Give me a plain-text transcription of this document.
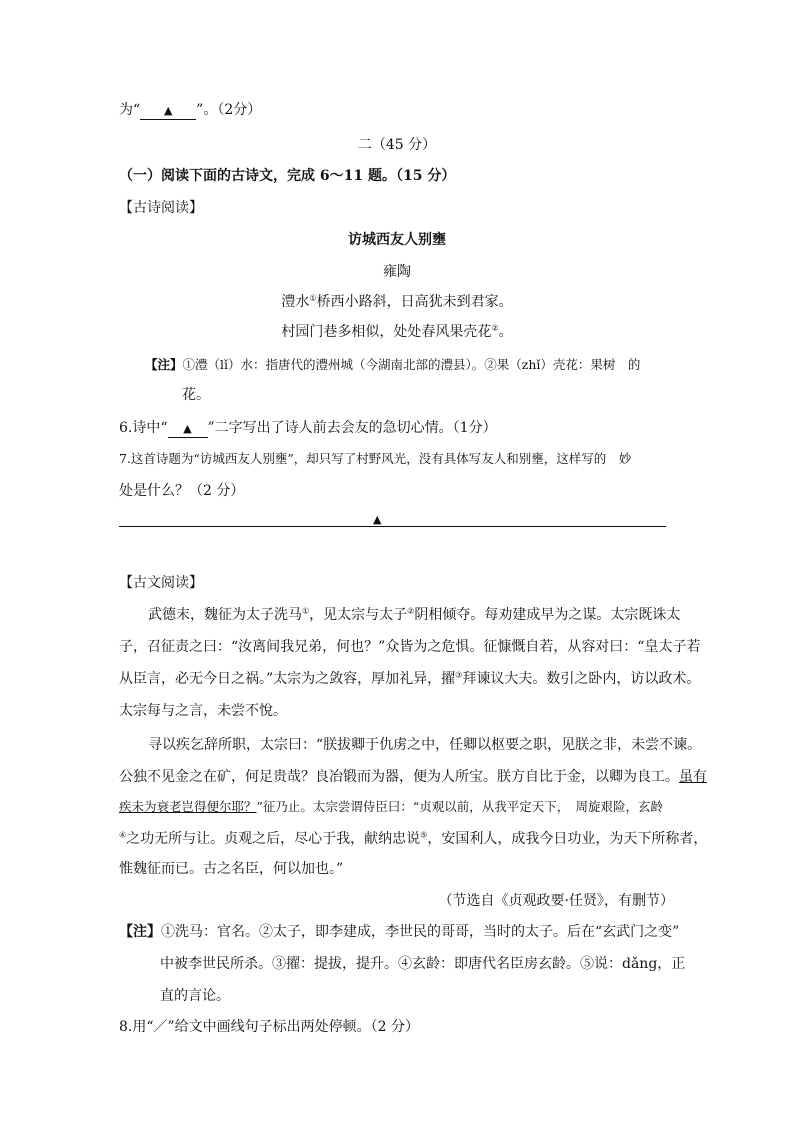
为“ ▲ ”。（2分）
二（45 分）
（一）阅读下面的古诗文，完成 6～11 题。（15 分）
【古诗阅读】
访城西友人别壅
雍陶
澧水①桥西小路斜，日高犹未到君家。
村园门巷多相似，处处春风果壳花②。
【注】①澧（lǐ）水：指唐代的澧州城（今湖南北部的澧县）。②果（zhǐ）壳花：果树　的
花。
6.诗中“ ▲ ”二字写出了诗人前去会友的急切心情。（1分）
7.这首诗题为“访城西友人别壅”，却只写了村野风光，没有具体写友人和别壅，这样写的　妙
处是什么？（2 分）
▲
【古文阅读】
武德末，魏征为太子洗马①，见太宗与太子②阴相倾夺。每劝建成早为之谋。太宗既诛太
子，召征责之曰：“汝离间我兄弟，何也？”众皆为之危惧。征慷慨自若，从容对曰：“皇太子若
从臣言，必无今日之祸。”太宗为之敛容，厚加礼异，擢③拜谏议大夫。数引之卧内，访以政术。
太宗每与之言，未尝不悅。
寻以疾乞辞所职，太宗曰：“朕拔卿于仇虏之中，任卿以枢要之职，见朕之非，未尝不谏。
公独不见金之在矿，何足贵哉？良冶锻而为器，便为人所宝。朕方自比于金，以卿为良工。虽有
疾未为衰老岂得便尔耶？”征乃止。太宗尝谓侍臣曰：“贞观以前，从我平定天下，　周旋艰险，玄龄
④之功无所与让。贞观之后，尽心于我，献纳忠说⑤，安国利人，成我今日功业，为天下所称者，
惟魏征而已。古之名臣，何以加也。”
（节选自《贞观政要·任贤》，有删节）
【注】①洗马：官名。②太子，即李建成，李世民的哥哥，当时的太子。后在“玄武门之变”
中被李世民所杀。③擢：提拔，提升。④玄龄：即唐代名臣房玄龄。⑤说：dǎng，正
直的言论。
8.用“／”给文中画线句子标出两处停顿。（2 分）
